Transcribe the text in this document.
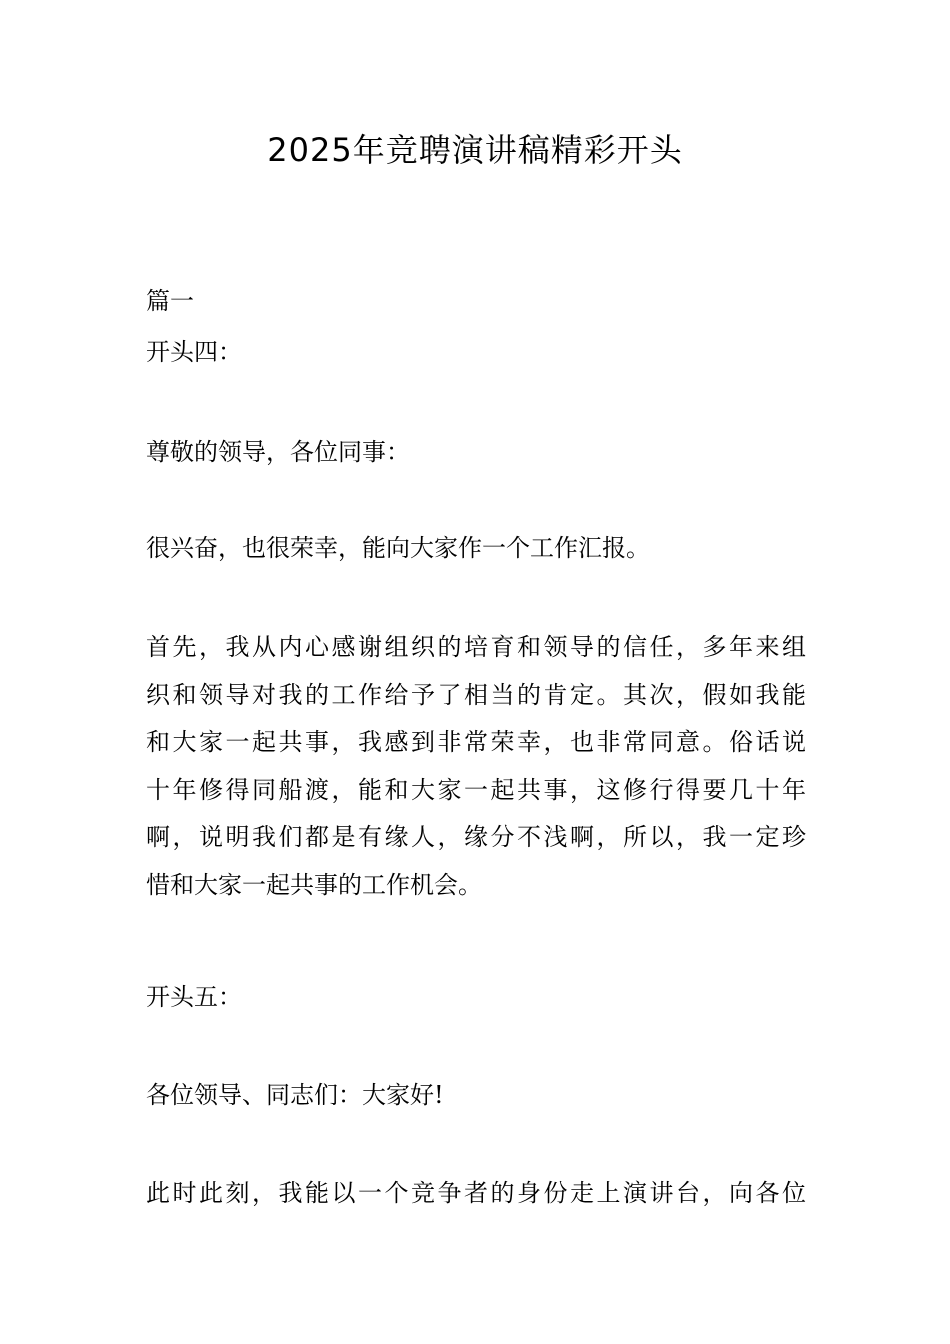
2025年竞聘演讲稿精彩开头
篇一
开头四：
尊敬的领导，各位同事：
很兴奋，也很荣幸，能向大家作一个工作汇报。
首先，我从内心感谢组织的培育和领导的信任，多年来组
织和领导对我的工作给予了相当的肯定。其次，假如我能
和大家一起共事，我感到非常荣幸，也非常同意。俗话说
十年修得同船渡，能和大家一起共事，这修行得要几十年
啊，说明我们都是有缘人，缘分不浅啊，所以，我一定珍
惜和大家一起共事的工作机会。
开头五：
各位领导、同志们：大家好!
此时此刻，我能以一个竞争者的身份走上演讲台，向各位
